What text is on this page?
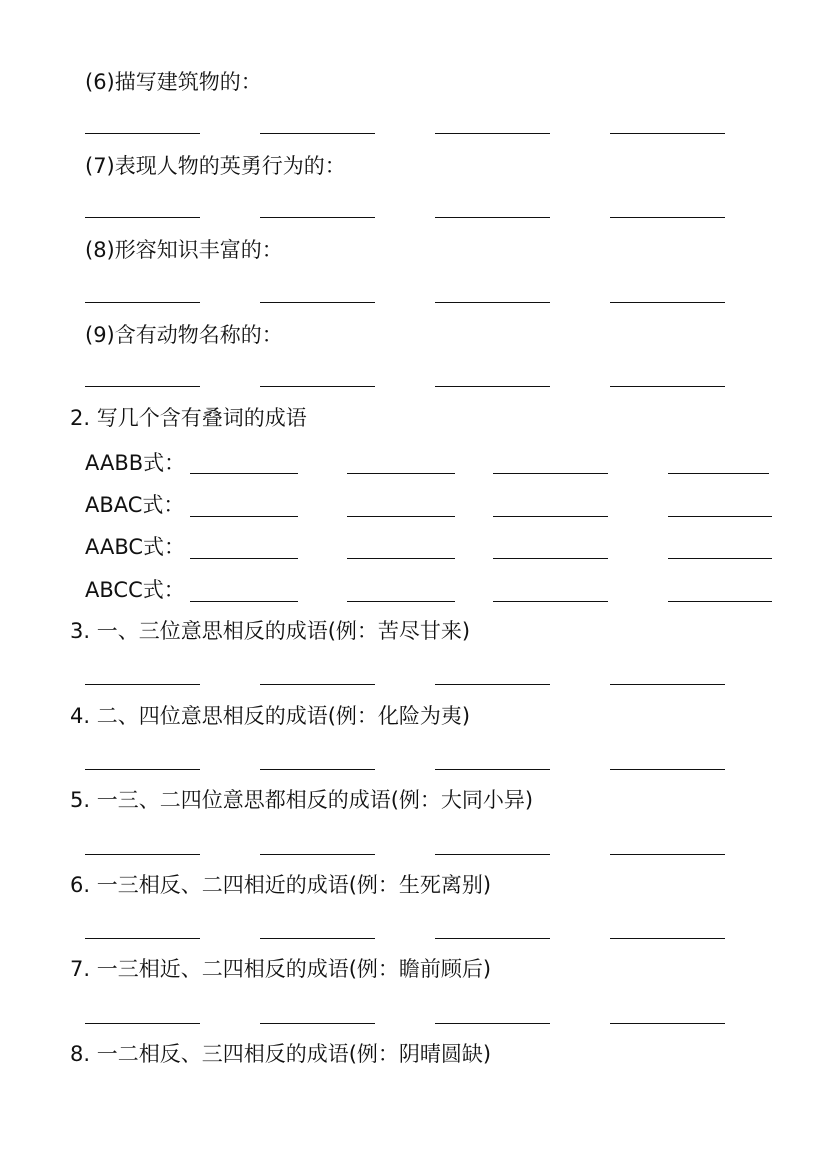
(6)描写建筑物的：
(7)表现人物的英勇行为的：
(8)形容知识丰富的：
(9)含有动物名称的：
2. 写几个含有叠词的成语
AABB式：
ABAC式：
AABC式：
ABCC式：
3. 一、三位意思相反的成语(例：苦尽甘来)
4. 二、四位意思相反的成语(例：化险为夷)
5. 一三、二四位意思都相反的成语(例：大同小异)
6. 一三相反、二四相近的成语(例：生死离别)
7. 一三相近、二四相反的成语(例：瞻前顾后)
8. 一二相反、三四相反的成语(例：阴晴圆缺)
